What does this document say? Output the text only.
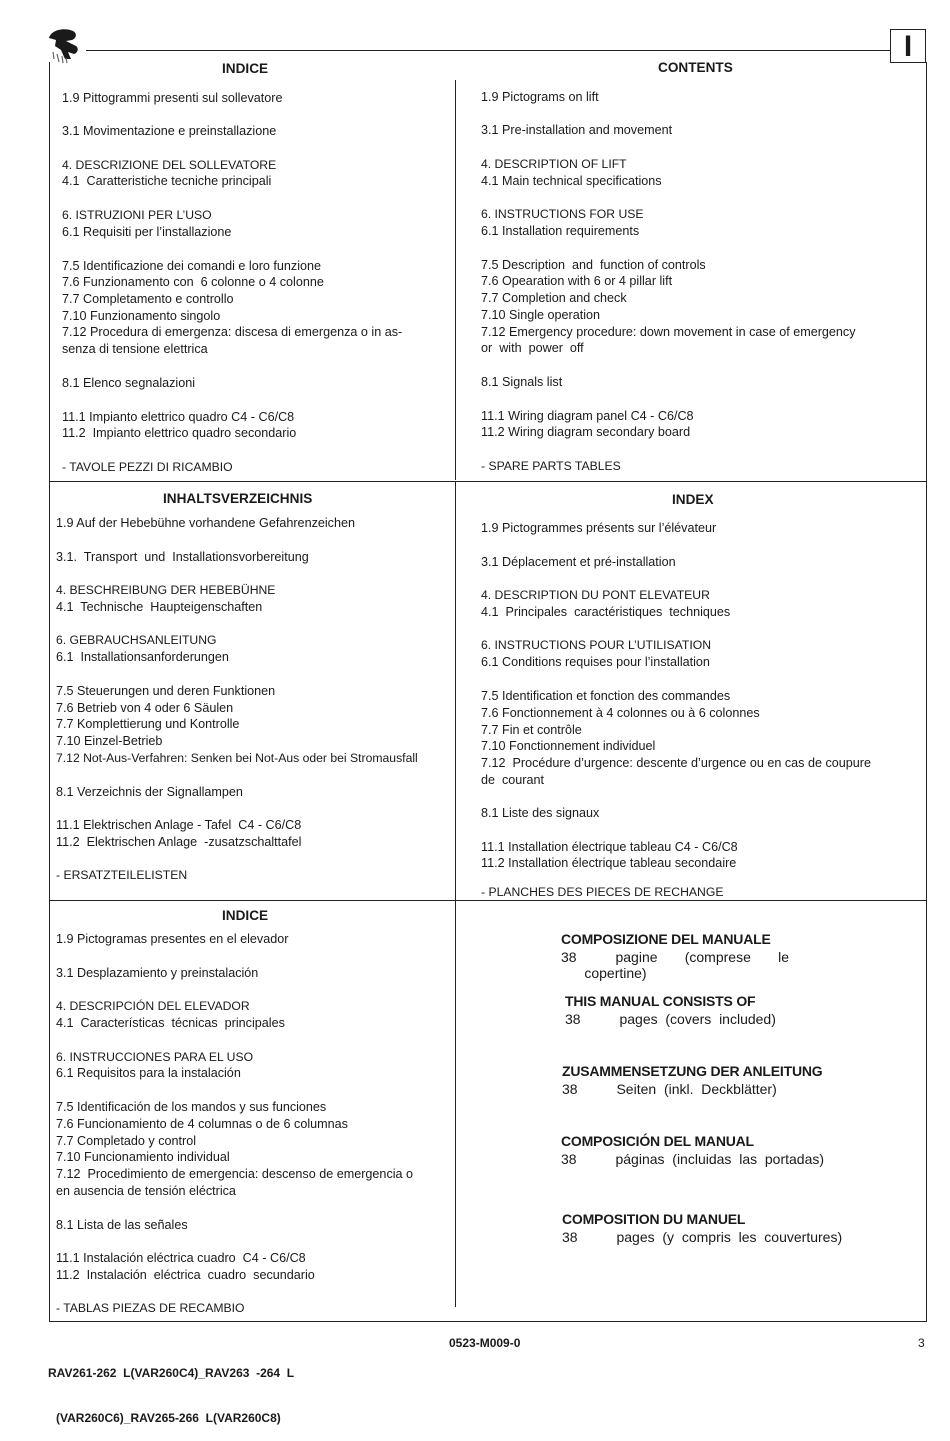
I
INDICE
1.9 Pittogrammi presenti sul sollevatore
3.1 Movimentazione e preinstallazione
4. DESCRIZIONE DEL SOLLEVATORE
4.1  Caratteristiche tecniche principali
6. ISTRUZIONI PER L’USO
6.1 Requisiti per l’installazione
7.5 Identificazione dei comandi e loro funzione
7.6 Funzionamento con  6 colonne o 4 colonne
7.7 Completamento e controllo
7.10 Funzionamento singolo
7.12 Procedura di emergenza: discesa di emergenza o in as-
senza di tensione elettrica
8.1 Elenco segnalazioni
11.1 Impianto elettrico quadro C4 - C6/C8
11.2  Impianto elettrico quadro secondario
- TAVOLE PEZZI DI RICAMBIO
CONTENTS
1.9 Pictograms on lift
3.1 Pre-installation and movement
4. DESCRIPTION OF LIFT
4.1 Main technical specifications
6. INSTRUCTIONS FOR USE
6.1 Installation requirements
7.5 Description  and  function of controls
7.6 Opearation with 6 or 4 pillar lift
7.7 Completion and check
7.10 Single operation
7.12 Emergency procedure: down movement in case of emergency
or  with  power  off
8.1 Signals list
11.1 Wiring diagram panel C4 - C6/C8
11.2 Wiring diagram secondary board
- SPARE PARTS TABLES
INHALTSVERZEICHNIS
1.9 Auf der Hebebühne vorhandene Gefahrenzeichen
3.1.  Transport  und  Installationsvorbereitung
4. BESCHREIBUNG DER HEBEBÜHNE
4.1  Technische  Haupteigenschaften
6. GEBRAUCHSANLEITUNG
6.1  Installationsanforderungen
7.5 Steuerungen und deren Funktionen
7.6 Betrieb von 4 oder 6 Säulen
7.7 Komplettierung und Kontrolle
7.10 Einzel-Betrieb
7.12 Not-Aus-Verfahren: Senken bei Not-Aus oder bei Stromausfall
8.1 Verzeichnis der Signallampen
11.1 Elektrischen Anlage - Tafel  C4 - C6/C8
11.2  Elektrischen Anlage  -zusatzschalttafel
- ERSATZTEILELISTEN
INDEX
1.9 Pictogrammes présents sur l’élévateur
3.1 Déplacement et pré-installation
4. DESCRIPTION DU PONT ELEVATEUR
4.1  Principales  caractéristiques  techniques
6. INSTRUCTIONS POUR L’UTILISATION
6.1 Conditions requises pour l’installation
7.5 Identification et fonction des commandes
7.6 Fonctionnement à 4 colonnes ou à 6 colonnes
7.7 Fin et contrôle
7.10 Fonctionnement individuel
7.12  Procédure d’urgence: descente d’urgence ou en cas de coupure
de  courant
8.1 Liste des signaux
11.1 Installation électrique tableau C4 - C6/C8
11.2 Installation électrique tableau secondaire
- PLANCHES DES PIECES DE RECHANGE
INDICE
1.9 Pictogramas presentes en el elevador
3.1 Desplazamiento y preinstalación
4. DESCRIPCIÓN DEL ELEVADOR
4.1  Características  técnicas  principales
6. INSTRUCCIONES PARA EL USO
6.1 Requisitos para la instalación
7.5 Identificación de los mandos y sus funciones
7.6 Funcionamiento de 4 columnas o de 6 columnas
7.7 Completado y control
7.10 Funcionamiento individual
7.12  Procedimiento de emergencia: descenso de emergencia o
en ausencia de tensión eléctrica
8.1 Lista de las señales
11.1 Instalación eléctrica cuadro  C4 - C6/C8
11.2  Instalación  eléctrica  cuadro  secundario
- TABLAS PIEZAS DE RECAMBIO
COMPOSIZIONE DEL MANUALE
38          pagine       (comprese       le
copertine)
THIS MANUAL CONSISTS OF
38          pages  (covers  included)
ZUSAMMENSETZUNG DER ANLEITUNG
38          Seiten  (inkl.  Deckblätter)
COMPOSICIÓN DEL MANUAL
38          páginas  (incluidas  las  portadas)
COMPOSITION DU MANUEL
38          pages  (y  compris  les  couvertures)

RAV261-262  L(VAR260C4)_RAV263  -264  L

(VAR260C6)_RAV265-266  L(VAR260C8)

0523-M009-0	3
